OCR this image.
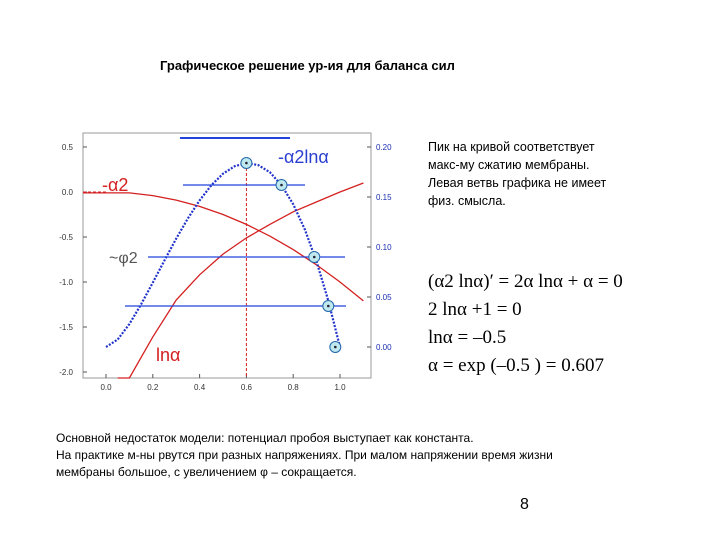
Графическое решение ур-ия для баланса сил
0.0	0.2	0.4	0.6	0.8	1.0
0.5
0.0
-0.5
-1.0
-1.5
-2.0
0.20
0.15
0.10
0.05
0.00
-α2
-α2lnα
~φ2
lnα
Пик на кривой соответствует
макс-му сжатию мембраны.
Левая ветвь графика не имеет
физ. смысла.
(α2 lnα)′ = 2α lnα + α = 0
2 lnα +1 = 0
lnα = –0.5
α = exp (–0.5 ) = 0.607
Основной недостаток модели: потенциал пробоя выступает как константа.
На практике м-ны рвутся при разных напряжениях. При малом напряжении время жизни
мембраны большое, с увеличением φ – сокращается.
8
